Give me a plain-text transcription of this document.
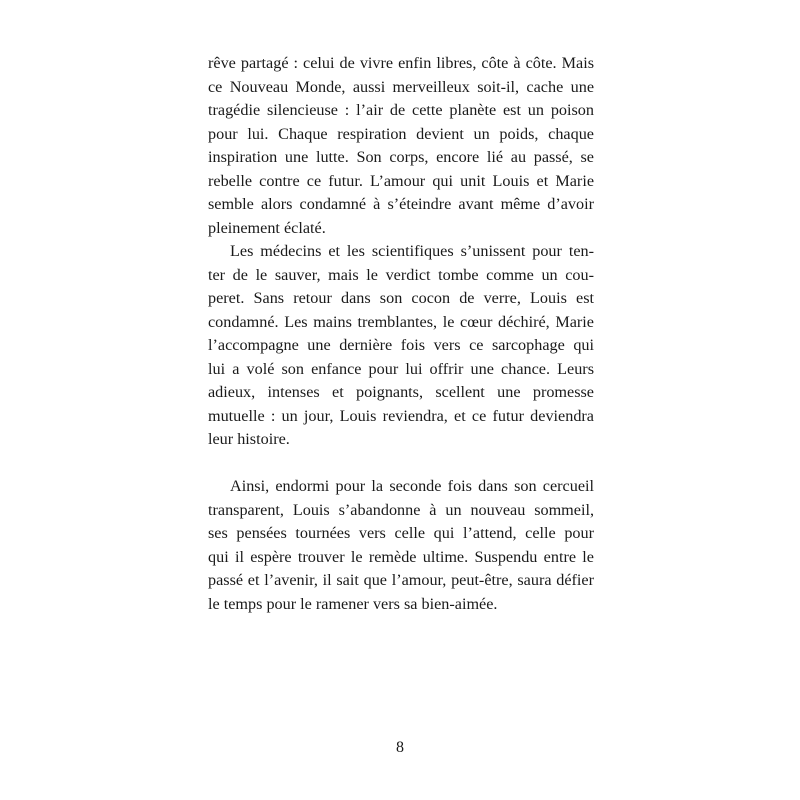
rêve partagé : celui de vivre enfin libres, côte à côte. Mais
ce Nouveau Monde, aussi merveilleux soit-il, cache une
tragédie silencieuse : l’air de cette planète est un poison
pour lui. Chaque respiration devient un poids, chaque
inspiration une lutte. Son corps, encore lié au passé, se
rebelle contre ce futur. L’amour qui unit Louis et Marie
semble alors condamné à s’éteindre avant même d’avoir
pleinement éclaté.

Les médecins et les scientifiques s’unissent pour ten-
ter de le sauver, mais le verdict tombe comme un cou-
peret. Sans retour dans son cocon de verre, Louis est
condamné. Les mains tremblantes, le cœur déchiré, Marie
l’accompagne une dernière fois vers ce sarcophage qui
lui a volé son enfance pour lui offrir une chance. Leurs
adieux, intenses et poignants, scellent une promesse
mutuelle : un jour, Louis reviendra, et ce futur deviendra
leur histoire.

Ainsi, endormi pour la seconde fois dans son cercueil
transparent, Louis s’abandonne à un nouveau sommeil,
ses pensées tournées vers celle qui l’attend, celle pour
qui il espère trouver le remède ultime. Suspendu entre le
passé et l’avenir, il sait que l’amour, peut-être, saura défier
le temps pour le ramener vers sa bien-aimée.

8
